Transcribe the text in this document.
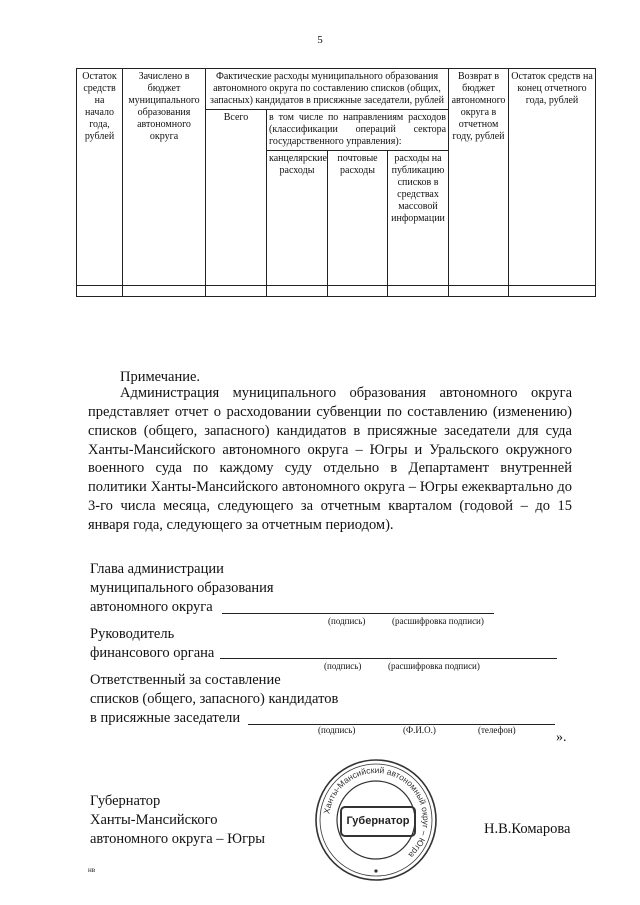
5
Остаток средств на начало года, рублей	Зачислено в бюджет муниципального образования автономного округа	Фактические расходы муниципального образования автономного округа по составлению списков (общих, запасных) кандидатов в присяжные заседатели, рублей				Возврат в бюджет автономного округа в отчетном году, рублей	Остаток средств на конец отчетного года, рублей
		Всего	в том числе по направлениям расходов (классификации операций сектора государственного управления):				
			канцелярские расходы	почтовые расходы	расходы на публикацию списков в средствах массовой информации		

Примечание.
Администрация муниципального образования автономного округа представляет отчет о расходовании субвенции по составлению (изменению) списков (общего, запасного) кандидатов в присяжные заседатели для суда Ханты-Мансийского автономного округа – Югры и Уральского окружного военного суда по каждому суду отдельно в Департамент внутренней политики Ханты-Мансийского автономного округа – Югры ежеквартально до 3-го числа месяца, следующего за отчетным кварталом (годовой – до 15 января года, следующего за отчетным периодом).
Глава администрации
муниципального образования
автономного округа
(подпись)	(расшифровка подписи)
Руководитель
финансового органа
(подпись)	(расшифровка подписи)
Ответственный за составление
списков (общего, запасного) кандидатов
в присяжные заседатели
(подпись)	(Ф.И.О.)	(телефон)	».
Губернатор
Ханты-Мансийского
автономного округа – Югры
Н.В.Комарова
Ханты-Мансийский автономный округ – Югра
Губернатор
нв
